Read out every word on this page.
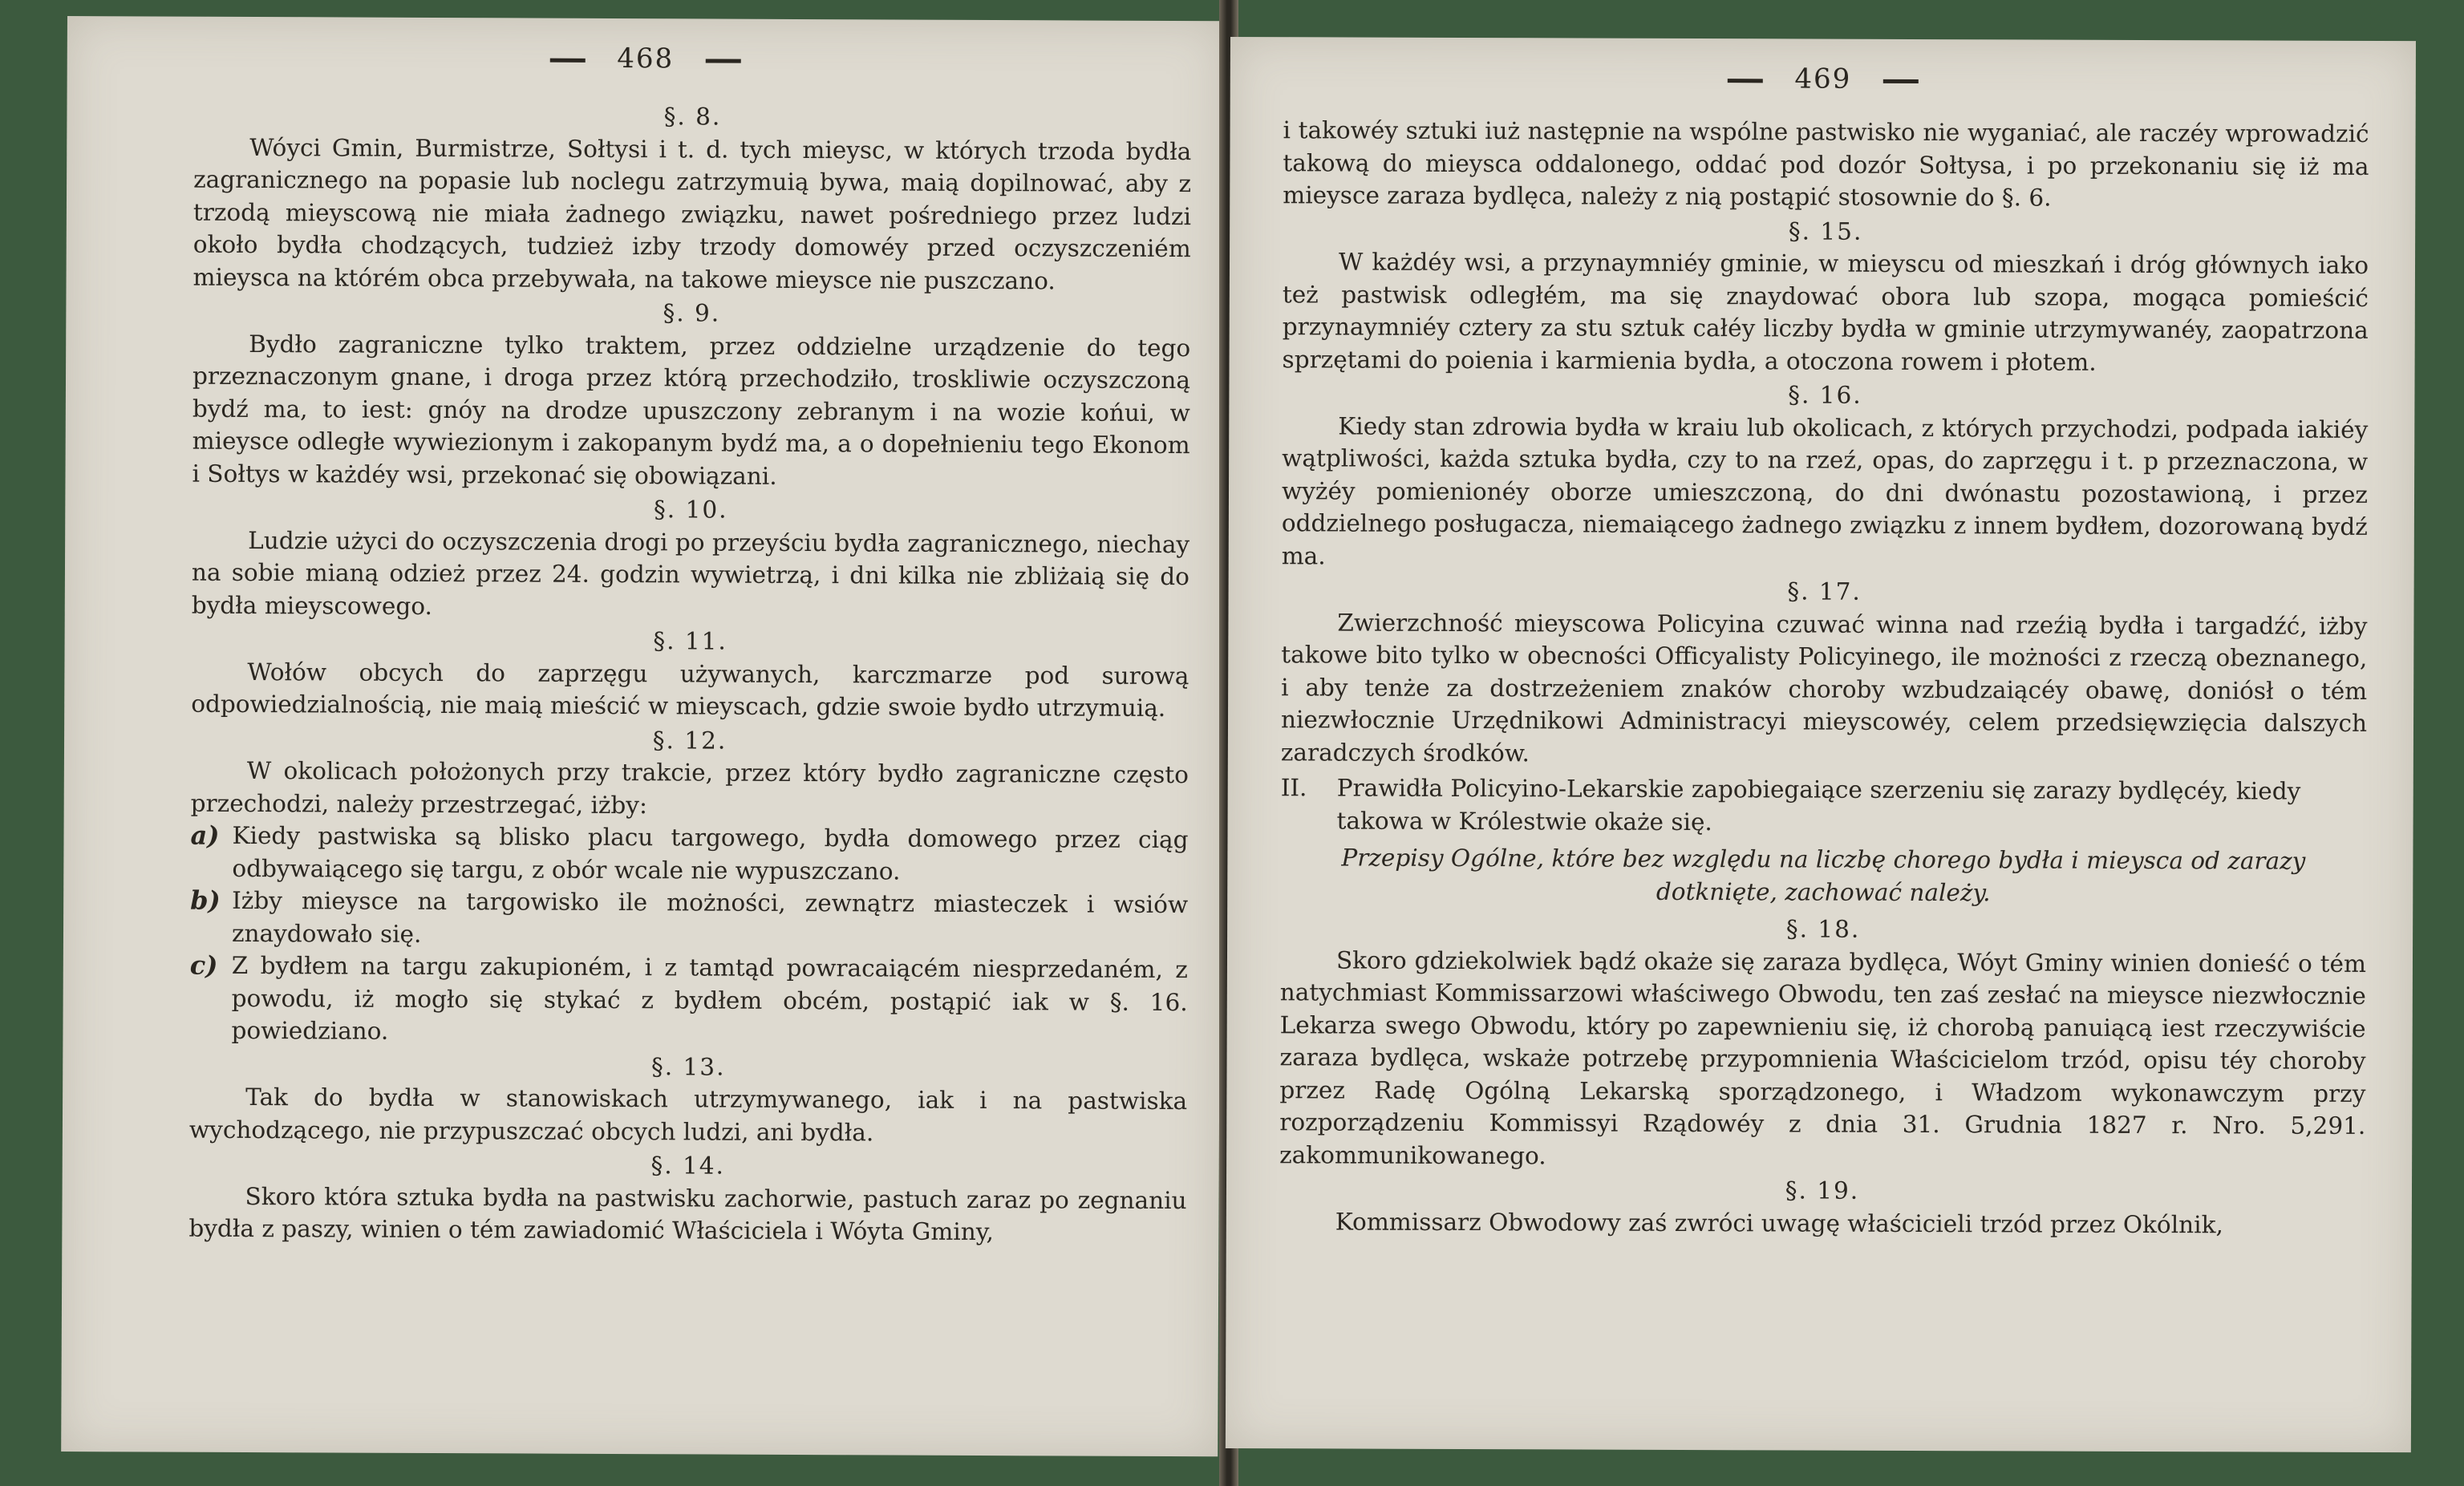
468
§. 8.

Wóyci Gmin, Burmistrze, Sołtysi i t. d. tych mieysc, w których trzoda bydła zagranicznego na popasie lub noclegu zatrzymuią bywa, maią dopilnować, aby z trzodą mieyscową nie miała żadnego związku, nawet pośredniego przez ludzi około bydła chodzących, tudzież izby trzody domowéy przed oczyszczeniém mieysca na którém obca przebywała, na takowe mieysce nie puszczano.

§. 9.

Bydło zagraniczne tylko traktem, przez oddzielne urządzenie do tego przeznaczonym gnane, i droga przez którą przechodziło, troskliwie oczyszczoną bydź ma, to iest: gnóy na drodze upuszczony zebranym i na wozie końui, w mieysce odległe wywiezionym i zakopanym bydź ma, a o dopełnieniu tego Ekonom i Sołtys w każdéy wsi, przekonać się obowiązani.

§. 10.

Ludzie użyci do oczyszczenia drogi po przeyściu bydła zagranicznego, niechay na sobie mianą odzież przez 24. godzin wywietrzą, i dni kilka nie zbliżaią się do bydła mieyscowego.

§. 11.

Wołów obcych do zaprzęgu używanych, karczmarze pod surową odpowiedzialnością, nie maią mieścić w mieyscach, gdzie swoie bydło utrzymuią.

§. 12.

W okolicach położonych przy trakcie, przez który bydło zagraniczne często przechodzi, należy przestrzegać, iżby:

a) Kiedy pastwiska są blisko placu targowego, bydła domowego przez ciąg odbywaiącego się targu, z obór wcale nie wypuszczano.
b) Iżby mieysce na targowisko ile możności, zewnątrz miasteczek i wsiów znaydowało się.
c) Z bydłem na targu zakupioném, i z tamtąd powracaiącém niesprzedaném, z powodu, iż mogło się stykać z bydłem obcém, postąpić iak w §. 16. powiedziano.
§. 13.

Tak do bydła w stanowiskach utrzymywanego, iak i na pastwiska wychodzącego, nie przypuszczać obcych ludzi, ani bydła.

§. 14.

Skoro która sztuka bydła na pastwisku zachorwie, pastuch zaraz po zegnaniu bydła z paszy, winien o tém zawiadomić Właściciela i Wóyta Gminy,

469

i takowéy sztuki iuż następnie na wspólne pastwisko nie wyganiać, ale raczéy wprowadzić takową do mieysca oddalonego, oddać pod dozór Sołtysa, i po przekonaniu się iż ma mieysce zaraza bydlęca, należy z nią postąpić stosownie do §. 6.

§. 15.

W każdéy wsi, a przynaymniéy gminie, w mieyscu od mieszkań i dróg głównych iako też pastwisk odległém, ma się znaydować obora lub szopa, mogąca pomieścić przynaymniéy cztery za stu sztuk całéy liczby bydła w gminie utrzymywanéy, zaopatrzona sprzętami do poienia i karmienia bydła, a otoczona rowem i płotem.

§. 16.

Kiedy stan zdrowia bydła w kraiu lub okolicach, z których przychodzi, podpada iakiéy wątpliwości, każda sztuka bydła, czy to na rzeź, opas, do zaprzęgu i t. p przeznaczona, w wyżéy pomienionéy oborze umieszczoną, do dni dwónastu pozostawioną, i przez oddzielnego posługacza, niemaiącego żadnego związku z innem bydłem, dozorowaną bydź ma.

§. 17.

Zwierzchność mieyscowa Policyina czuwać winna nad rzeźią bydła i targadźć, iżby takowe bito tylko w obecności Officyalisty Policyinego, ile możności z rzeczą obeznanego, i aby tenże za dostrzeżeniem znaków choroby wzbudzaiącéy obawę, doniósł o tém niezwłocznie Urzędnikowi Administracyi mieyscowéy, celem przedsięwzięcia dalszych zaradczych środków.

II.	Prawidła Policyino-Lekarskie zapobiegaiące szerzeniu się zarazy bydlęcéy, kiedy takowa w Królestwie okaże się.
Przepisy Ogólne, które bez względu na liczbę chorego bydła i mieysca od zarazy dotknięte, zachować należy.
§. 18.

Skoro gdziekolwiek bądź okaże się zaraza bydlęca, Wóyt Gminy winien donieść o tém natychmiast Kommissarzowi właściwego Obwodu, ten zaś zesłać na mieysce niezwłocznie Lekarza swego Obwodu, który po zapewnieniu się, iż chorobą panuiącą iest rzeczywiście zaraza bydlęca, wskaże potrzebę przypomnienia Właścicielom trzód, opisu téy choroby przez Radę Ogólną Lekarską sporządzonego, i Władzom wykonawczym przy rozporządzeniu Kommissyi Rządowéy z dnia 31. Grudnia 1827 r. Nro. 5,291. zakommunikowanego.

§. 19.

Kommissarz Obwodowy zaś zwróci uwagę właścicieli trzód przez Okólnik,
